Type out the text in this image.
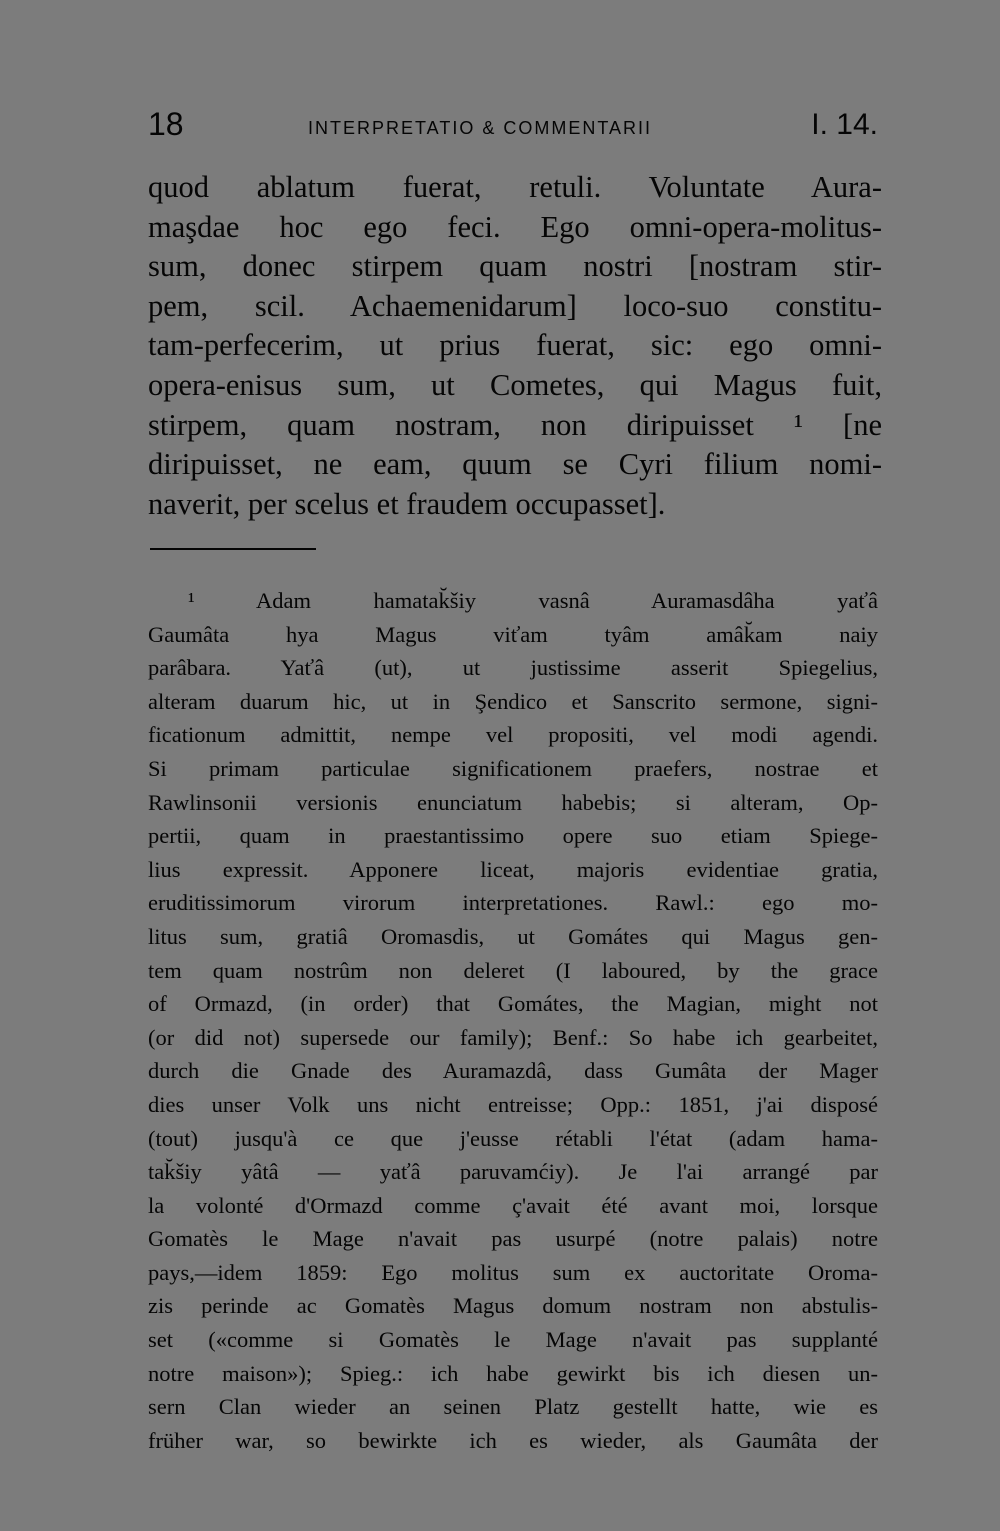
18	INTERPRETATIO & COMMENTARII	I. 14.
quod ablatum fuerat, retuli. Voluntate Aura-
maşdae hoc ego feci. Ego omni-opera-molitus-
sum, donec stirpem quam nostri [nostram stir-
pem, scil. Achaemenidarum] loco-suo constitu-
tam-perfecerim, ut prius fuerat, sic: ego omni-
opera-enisus sum, ut Cometes, qui Magus fuit,
stirpem, quam nostram, non diripuisset ¹ [ne
diripuisset, ne eam, quum se Cyri filium nomi-
naverit, per scelus et fraudem occupasset].
¹ Adam hamatak̆šiy vasnâ Auramasdâha yaťâ
Gaumâta hya Magus viťam tyâm amâk̆am naiy
parâbara. Yaťâ (ut), ut justissime asserit Spiegelius,
alteram duarum hic, ut in Şendico et Sanscrito sermone, signi-
ficationum admittit, nempe vel propositi, vel modi agendi.
Si primam particulae significationem praefers, nostrae et
Rawlinsonii versionis enunciatum habebis; si alteram, Op-
pertii, quam in praestantissimo opere suo etiam Spiege-
lius expressit. Apponere liceat, majoris evidentiae gratia,
eruditissimorum virorum interpretationes. Rawl.: ego mo-
litus sum, gratiâ Oromasdis, ut Gomátes qui Magus gen-
tem quam nostrûm non deleret (I laboured, by the grace
of Ormazd, (in order) that Gomátes, the Magian, might not
(or did not) supersede our family); Benf.: So habe ich gearbeitet,
durch die Gnade des Auramazdâ, dass Gumâta der Mager
dies unser Volk uns nicht entreisse; Opp.: 1851, j'ai disposé
(tout) jusqu'à ce que j'eusse rétabli l'état (adam hama-
tak̆šiy yâtâ — yaťâ paruvamćiy). Je l'ai arrangé par
la volonté d'Ormazd comme ç'avait été avant moi, lorsque
Gomatès le Mage n'avait pas usurpé (notre palais) notre
pays,—idem 1859: Ego molitus sum ex auctoritate Oroma-
zis perinde ac Gomatès Magus domum nostram non abstulis-
set («comme si Gomatès le Mage n'avait pas supplanté
notre maison»); Spieg.: ich habe gewirkt bis ich diesen un-
sern Clan wieder an seinen Platz gestellt hatte, wie es
früher war, so bewirkte ich es wieder, als Gaumâta der
